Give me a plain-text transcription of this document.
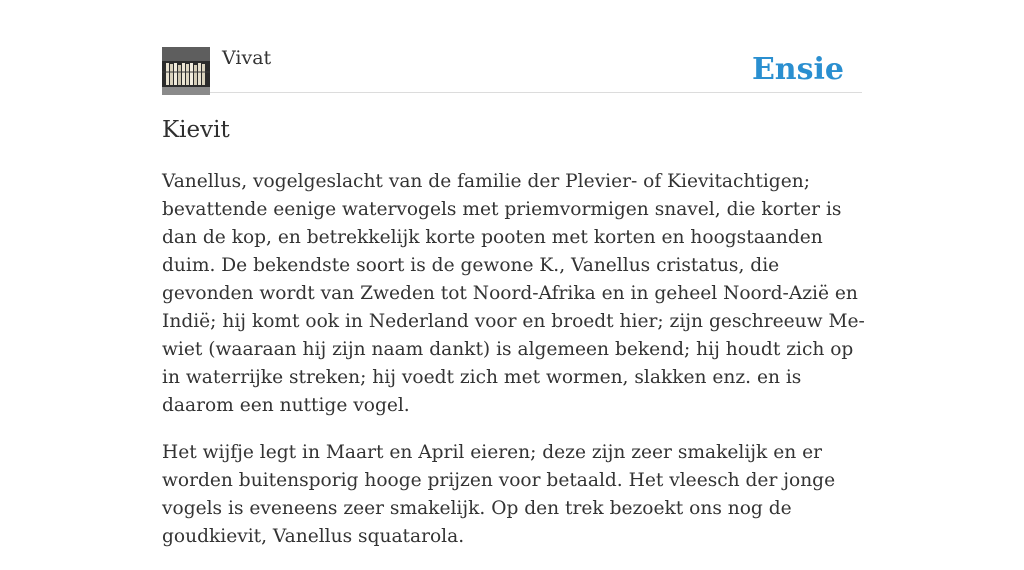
Vivat	Ensie
Kievit

Vanellus, vogelgeslacht van de familie der Plevier- of Kievitachtigen; bevattende eenige watervogels met priemvormigen snavel, die korter is dan de kop, en betrekkelijk korte pooten met korten en hoogstaanden duim. De bekendste soort is de gewone K., Vanellus cristatus, die gevonden wordt van Zweden tot Noord-Afrika en in geheel Noord-Azië en Indië; hij komt ook in Nederland voor en broedt hier; zijn geschreeuw Me-wiet (waaraan hij zijn naam dankt) is algemeen bekend; hij houdt zich op in waterrijke streken; hij voedt zich met wormen, slakken enz. en is daarom een nuttige vogel.

Het wijfje legt in Maart en April eieren; deze zijn zeer smakelijk en er worden buitensporig hooge prijzen voor betaald. Het vleesch der jonge vogels is eveneens zeer smakelijk. Op den trek bezoekt ons nog de goudkievit, Vanellus squatarola.
